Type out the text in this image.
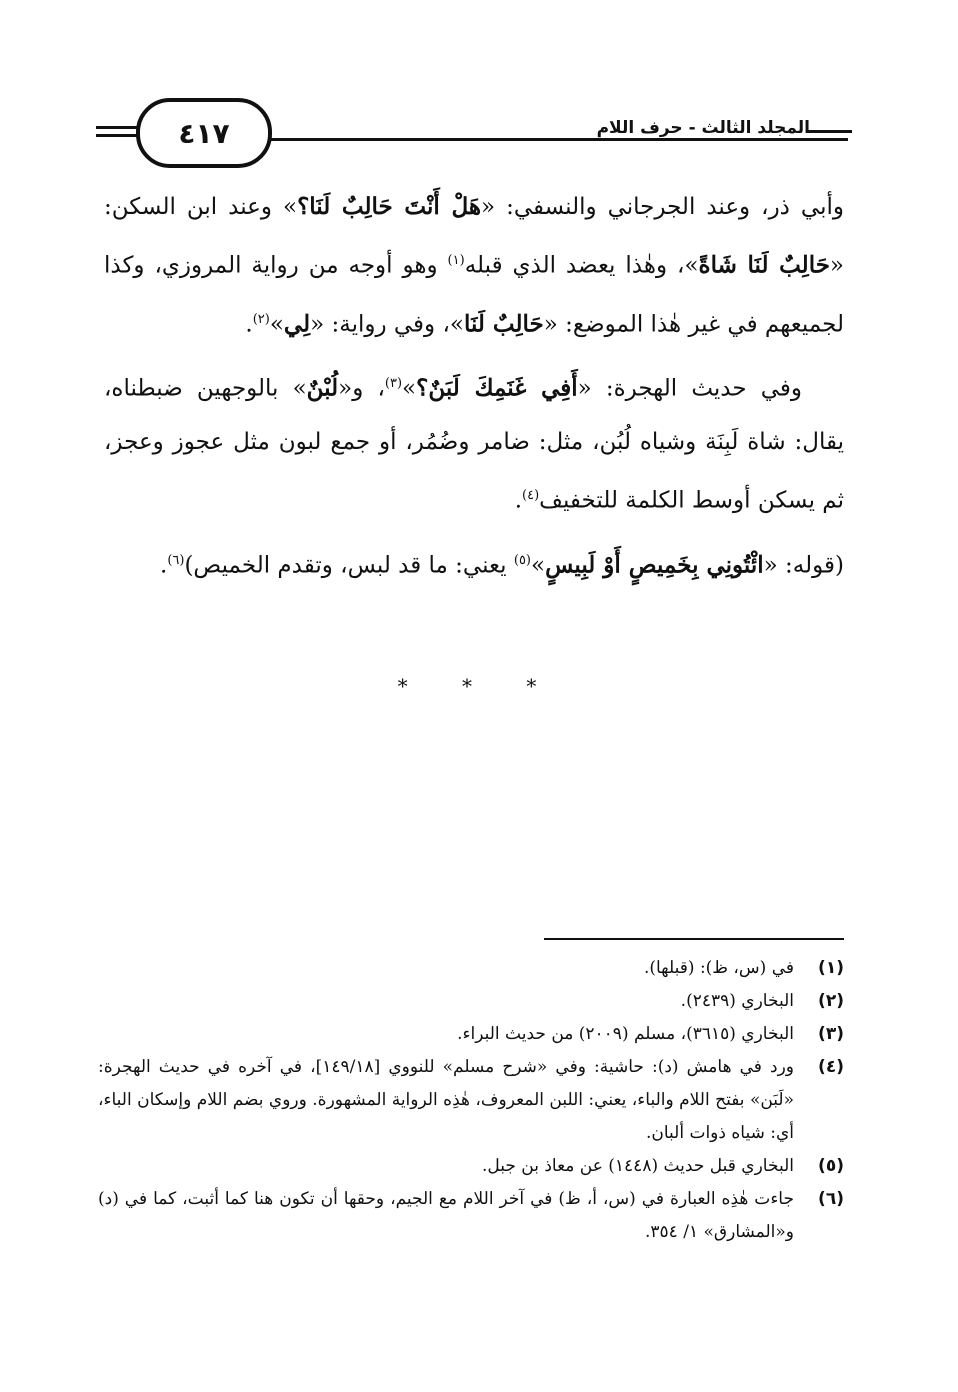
٤١٧	المجلد الثالث - حرف اللام

وأبي ذر، وعند الجرجاني والنسفي: «هَلْ أَنْتَ حَالِبٌ لَنَا؟» وعند ابن السكن: «حَالِبٌ لَنَا شَاةً»، وهٰذا يعضد الذي قبله$^{(١)}$ وهو أوجه من رواية المروزي، وكذا لجميعهم في غير هٰذا الموضع: «حَالِبٌ لَنَا»، وفي رواية: «لِي»$^{(٢)}$.

وفي حديث الهجرة: «أَفِي غَنَمِكَ لَبَنٌ؟»$^{(٣)}$، و«لُبْنٌ» بالوجهين ضبطناه، يقال: شاة لَبِنَة وشياه لُبُن، مثل: ضامر وضُمُر، أو جمع لبون مثل عجوز وعجز، ثم يسكن أوسط الكلمة للتخفيف$^{(٤)}$.

(قوله: «ائْتُونِي بِخَمِيصٍ أَوْ لَبِيسٍ»$^{(٥)}$ يعني: ما قد لبس، وتقدم الخميص)$^{(٦)}$.

* * *
(١)
في (س، ظ): (قبلها).
(٢)
البخاري (٢٤٣٩).
(٣)
البخاري (٣٦١٥)، مسلم (٢٠٠٩) من حديث البراء.
(٤)
ورد في هامش (د): حاشية: وفي «شرح مسلم» للنووي [١٤٩/١٨]، في آخره في حديث الهجرة: «لَبَن» بفتح اللام والباء، يعني: اللبن المعروف، هٰذِه الرواية المشهورة. وروي بضم اللام وإسكان الباء، أي: شياه ذوات ألبان.
(٥)
البخاري قبل حديث (١٤٤٨) عن معاذ بن جبل.
(٦)
جاءت هٰذِه العبارة في (س، أ، ظ) في آخر اللام مع الجيم، وحقها أن تكون هنا كما أثبت، كما في (د) و«المشارق» ١/ ٣٥٤.
